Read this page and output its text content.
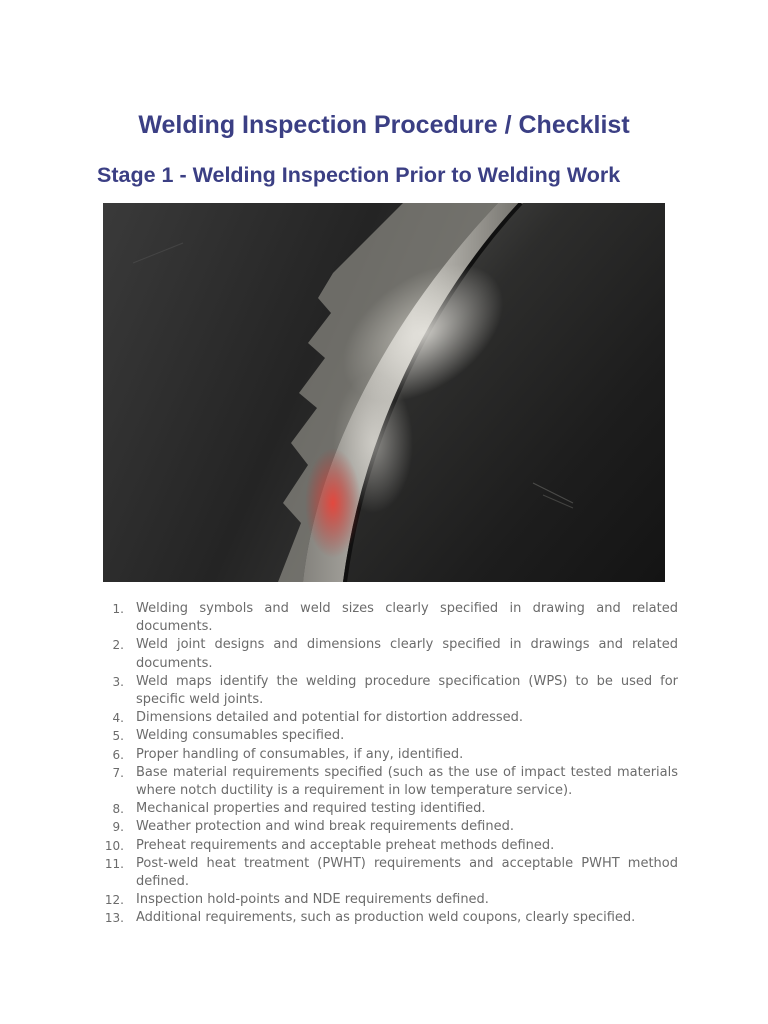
Welding Inspection Procedure / Checklist
Stage 1 - Welding Inspection Prior to Welding Work
1. Welding symbols and weld sizes clearly specified in drawing and related documents.
2. Weld joint designs and dimensions clearly specified in drawings and related documents.
3. Weld maps identify the welding procedure specification (WPS) to be used for specific weld joints.
4. Dimensions detailed and potential for distortion addressed.
5. Welding consumables specified.
6. Proper handling of consumables, if any, identified.
7. Base material requirements specified (such as the use of impact tested materials where notch ductility is a requirement in low temperature service).
8. Mechanical properties and required testing identified.
9. Weather protection and wind break requirements defined.
10. Preheat requirements and acceptable preheat methods defined.
11. Post-weld heat treatment (PWHT) requirements and acceptable PWHT method defined.
12. Inspection hold-points and NDE requirements defined.
13. Additional requirements, such as production weld coupons, clearly specified.
